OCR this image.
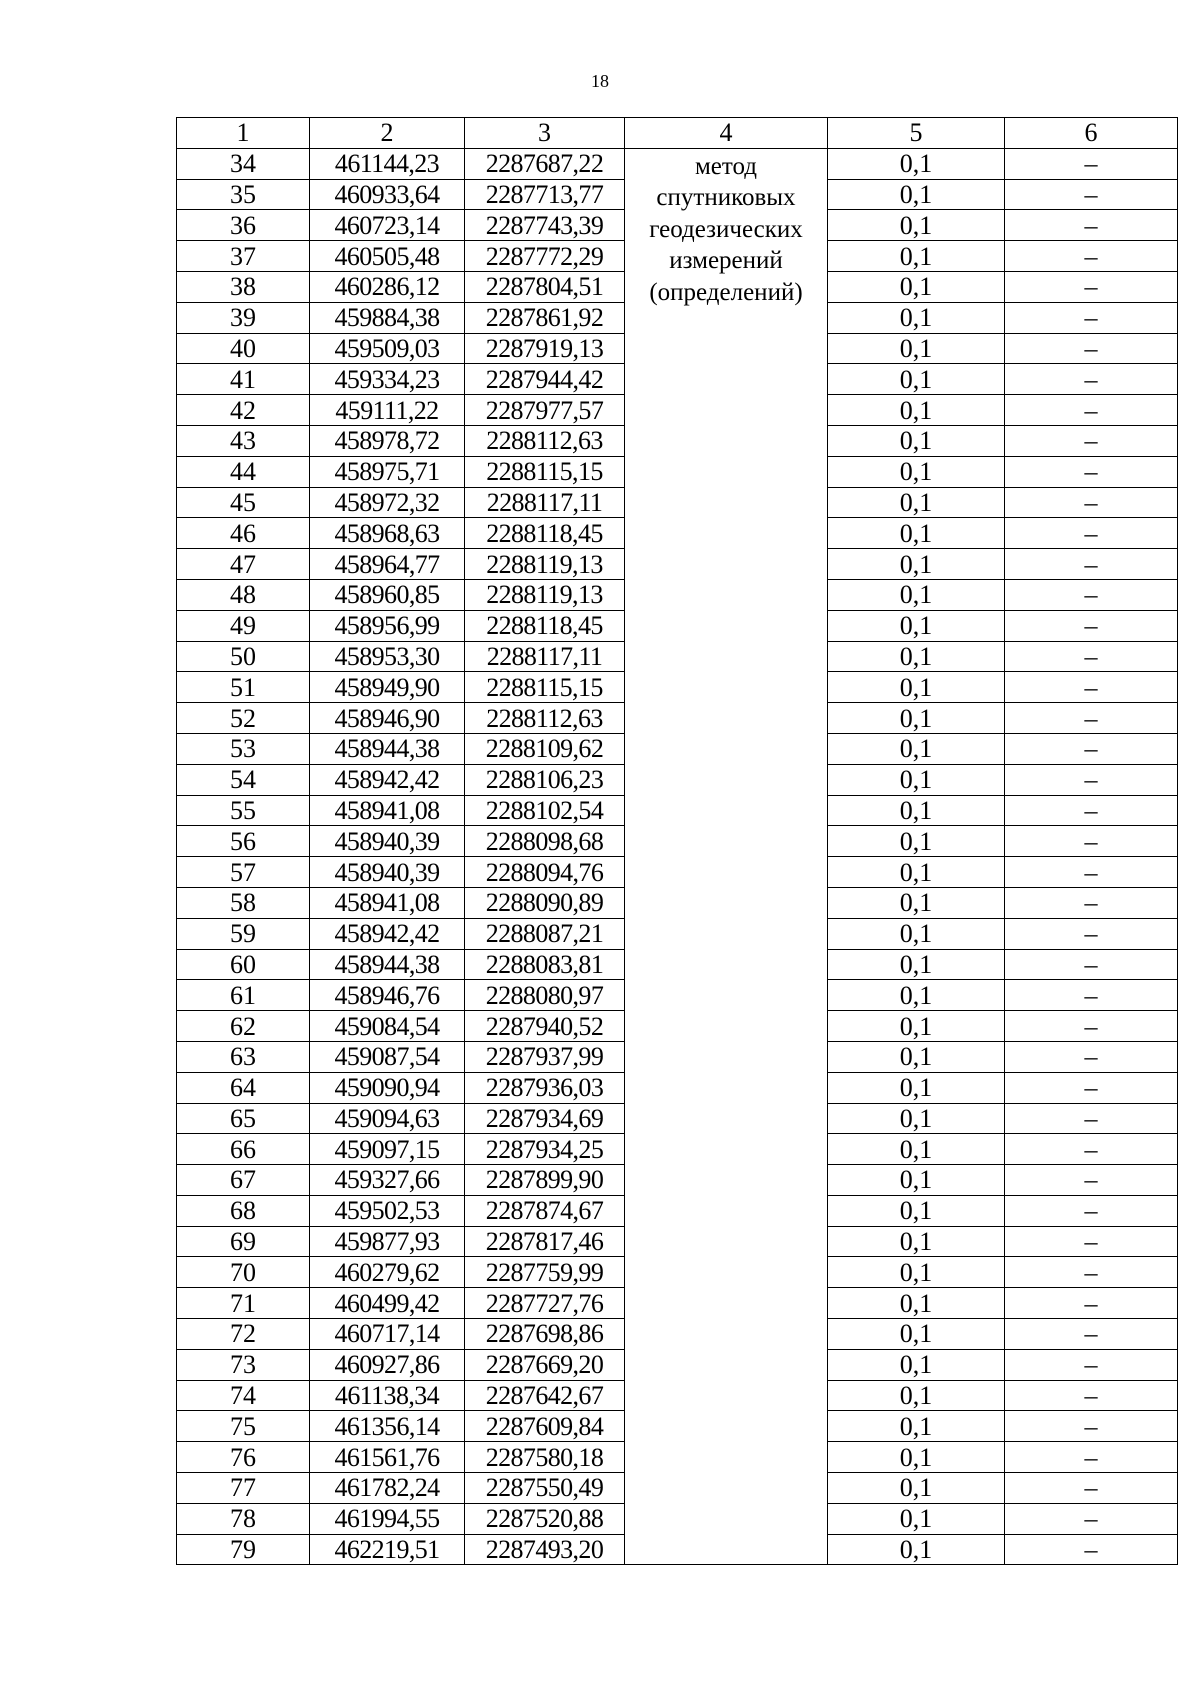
18
1	2	3	4	5	6
34	461144,23	2287687,22	метод
спутниковых
геодезических
измерений
(определений)	0,1	–
35	460933,64	2287713,77		0,1	–
36	460723,14	2287743,39		0,1	–
37	460505,48	2287772,29		0,1	–
38	460286,12	2287804,51		0,1	–
39	459884,38	2287861,92		0,1	–
40	459509,03	2287919,13		0,1	–
41	459334,23	2287944,42		0,1	–
42	459111,22	2287977,57		0,1	–
43	458978,72	2288112,63		0,1	–
44	458975,71	2288115,15		0,1	–
45	458972,32	2288117,11		0,1	–
46	458968,63	2288118,45		0,1	–
47	458964,77	2288119,13		0,1	–
48	458960,85	2288119,13		0,1	–
49	458956,99	2288118,45		0,1	–
50	458953,30	2288117,11		0,1	–
51	458949,90	2288115,15		0,1	–
52	458946,90	2288112,63		0,1	–
53	458944,38	2288109,62		0,1	–
54	458942,42	2288106,23		0,1	–
55	458941,08	2288102,54		0,1	–
56	458940,39	2288098,68		0,1	–
57	458940,39	2288094,76		0,1	–
58	458941,08	2288090,89		0,1	–
59	458942,42	2288087,21		0,1	–
60	458944,38	2288083,81		0,1	–
61	458946,76	2288080,97		0,1	–
62	459084,54	2287940,52		0,1	–
63	459087,54	2287937,99		0,1	–
64	459090,94	2287936,03		0,1	–
65	459094,63	2287934,69		0,1	–
66	459097,15	2287934,25		0,1	–
67	459327,66	2287899,90		0,1	–
68	459502,53	2287874,67		0,1	–
69	459877,93	2287817,46		0,1	–
70	460279,62	2287759,99		0,1	–
71	460499,42	2287727,76		0,1	–
72	460717,14	2287698,86		0,1	–
73	460927,86	2287669,20		0,1	–
74	461138,34	2287642,67		0,1	–
75	461356,14	2287609,84		0,1	–
76	461561,76	2287580,18		0,1	–
77	461782,24	2287550,49		0,1	–
78	461994,55	2287520,88		0,1	–
79	462219,51	2287493,20		0,1	–
